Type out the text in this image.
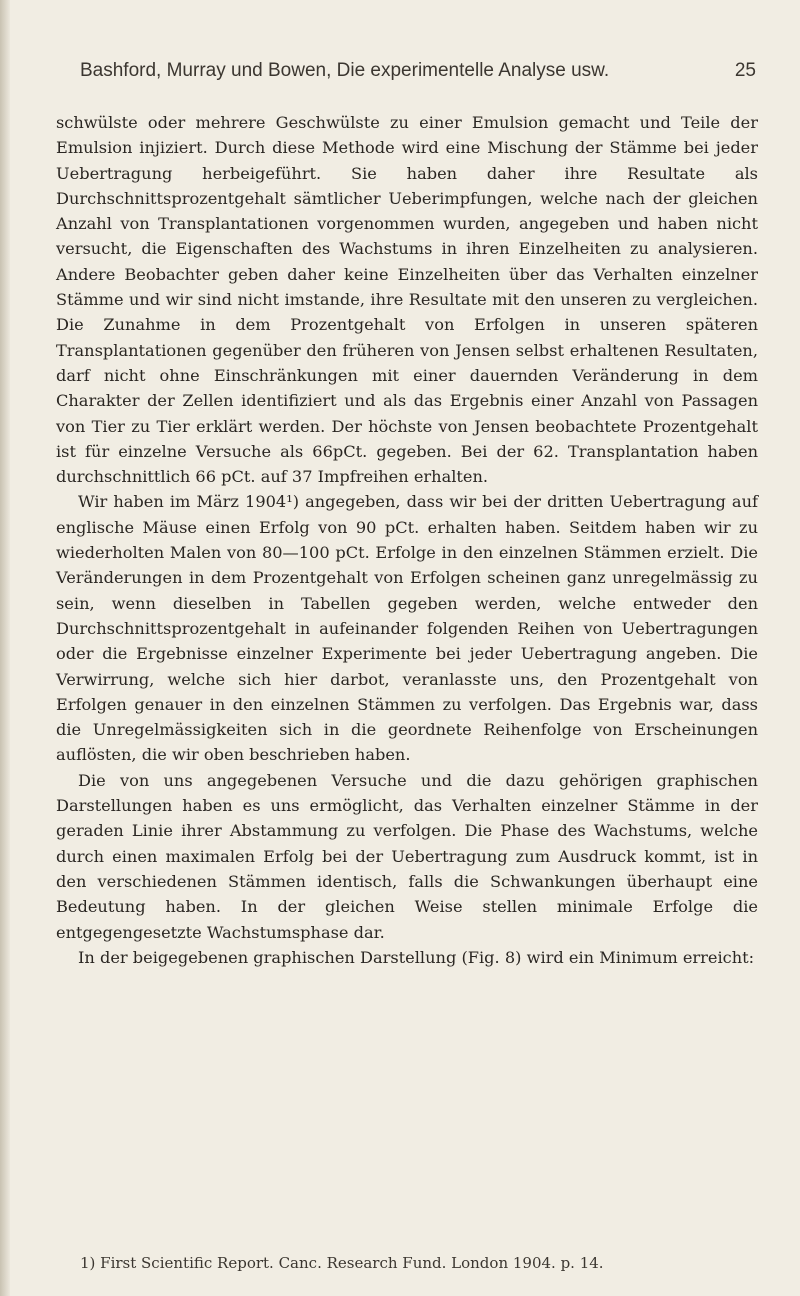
Bashford, Murray und Bowen, Die experimentelle Analyse usw.	25

schwülste oder mehrere Geschwülste zu einer Emulsion gemacht und Teile der Emulsion injiziert. Durch diese Methode wird eine Mischung der Stämme bei jeder Uebertragung herbeigeführt. Sie haben daher ihre Resultate als Durchschnittsprozentgehalt sämtlicher Ueberimpfungen, welche nach der gleichen Anzahl von Transplantationen vorgenommen wurden, angegeben und haben nicht versucht, die Eigenschaften des Wachstums in ihren Einzelheiten zu analysieren. Andere Beobachter geben daher keine Einzelheiten über das Verhalten einzelner Stämme und wir sind nicht imstande, ihre Resultate mit den unseren zu vergleichen. Die Zunahme in dem Prozentgehalt von Erfolgen in unseren späteren Transplantationen gegenüber den früheren von Jensen selbst erhaltenen Resultaten, darf nicht ohne Einschränkungen mit einer dauernden Veränderung in dem Charakter der Zellen identifiziert und als das Ergebnis einer Anzahl von Passagen von Tier zu Tier erklärt werden. Der höchste von Jensen beobachtete Prozentgehalt ist für einzelne Versuche als 66pCt. gegeben. Bei der 62. Transplantation haben durchschnittlich 66 pCt. auf 37 Impfreihen erhalten.

Wir haben im März 1904¹) angegeben, dass wir bei der dritten Uebertragung auf englische Mäuse einen Erfolg von 90 pCt. erhalten haben. Seitdem haben wir zu wiederholten Malen von 80—100 pCt. Erfolge in den einzelnen Stämmen erzielt. Die Veränderungen in dem Prozentgehalt von Erfolgen scheinen ganz unregelmässig zu sein, wenn dieselben in Tabellen gegeben werden, welche entweder den Durchschnittsprozentgehalt in aufeinander folgenden Reihen von Uebertragungen oder die Ergebnisse einzelner Experimente bei jeder Uebertragung angeben. Die Verwirrung, welche sich hier darbot, veranlasste uns, den Prozentgehalt von Erfolgen genauer in den einzelnen Stämmen zu verfolgen. Das Ergebnis war, dass die Unregelmässigkeiten sich in die geordnete Reihenfolge von Erscheinungen auflösten, die wir oben beschrieben haben.

Die von uns angegebenen Versuche und die dazu gehörigen graphischen Darstellungen haben es uns ermöglicht, das Verhalten einzelner Stämme in der geraden Linie ihrer Abstammung zu verfolgen. Die Phase des Wachstums, welche durch einen maximalen Erfolg bei der Uebertragung zum Ausdruck kommt, ist in den verschiedenen Stämmen identisch, falls die Schwankungen überhaupt eine Bedeutung haben. In der gleichen Weise stellen minimale Erfolge die entgegengesetzte Wachstumsphase dar.

In der beigegebenen graphischen Darstellung (Fig. 8) wird ein Minimum erreicht:

1) First Scientific Report. Canc. Research Fund. London 1904. p. 14.
